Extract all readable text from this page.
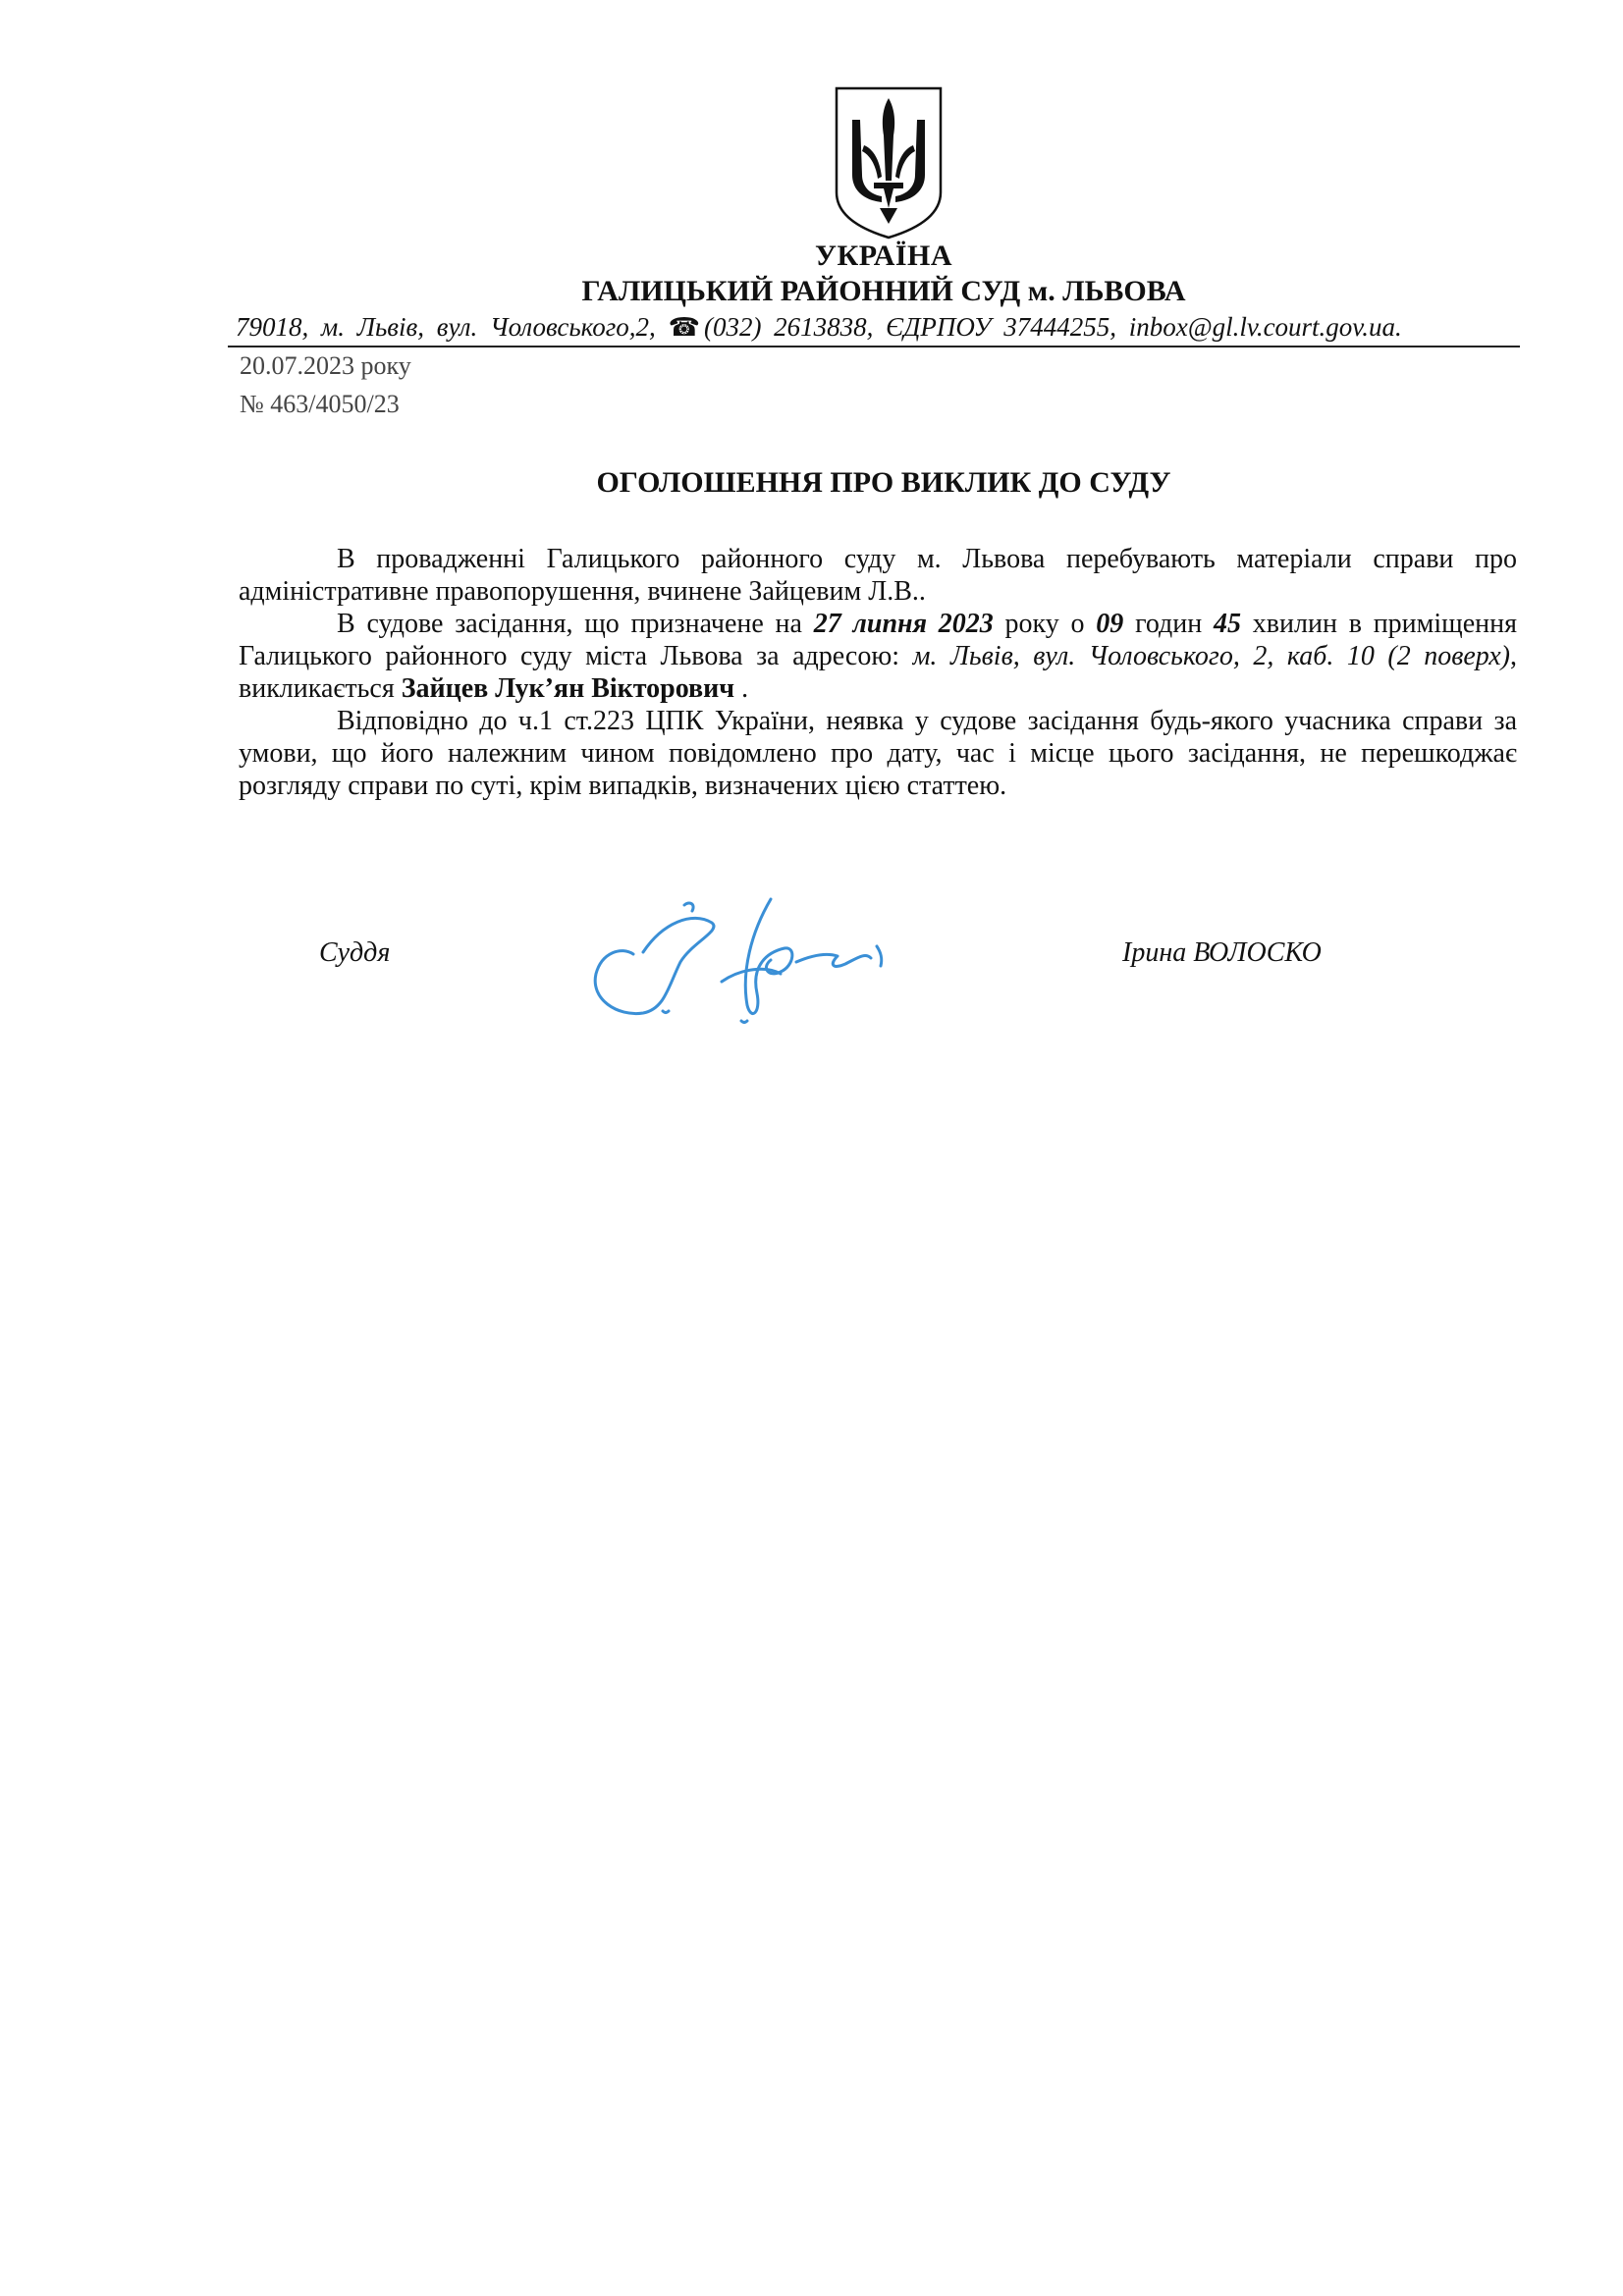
УКРАЇНА
ГАЛИЦЬКИЙ РАЙОННИЙ СУД м. ЛЬВОВА
79018, м. Львів, вул. Чоловського,2, ☎ (032) 2613838, ЄДРПОУ 37444255, inbox@gl.lv.court.gov.ua.
20.07.2023 року
№ 463/4050/23
ОГОЛОШЕННЯ ПРО ВИКЛИК ДО СУДУ

В провадженні Галицького районного суду м. Львова перебувають матеріали справи про адміністративне правопорушення, вчинене Зайцевим Л.В..

В судове засідання, що призначене на 27 липня 2023 року о 09 годин 45 хвилин в приміщення Галицького районного суду міста Львова за адресою: м. Львів, вул. Чоловського, 2, каб. 10 (2 поверх), викликається Зайцев Лук’ян Вікторович .

Відповідно до ч.1 ст.223 ЦПК України, неявка у судове засідання будь-якого учасника справи за умови, що його належним чином повідомлено про дату, час і місце цього засідання, не перешкоджає розгляду справи по суті, крім випадків, визначених цією статтею.

Суддя	Ірина ВОЛОСКО
